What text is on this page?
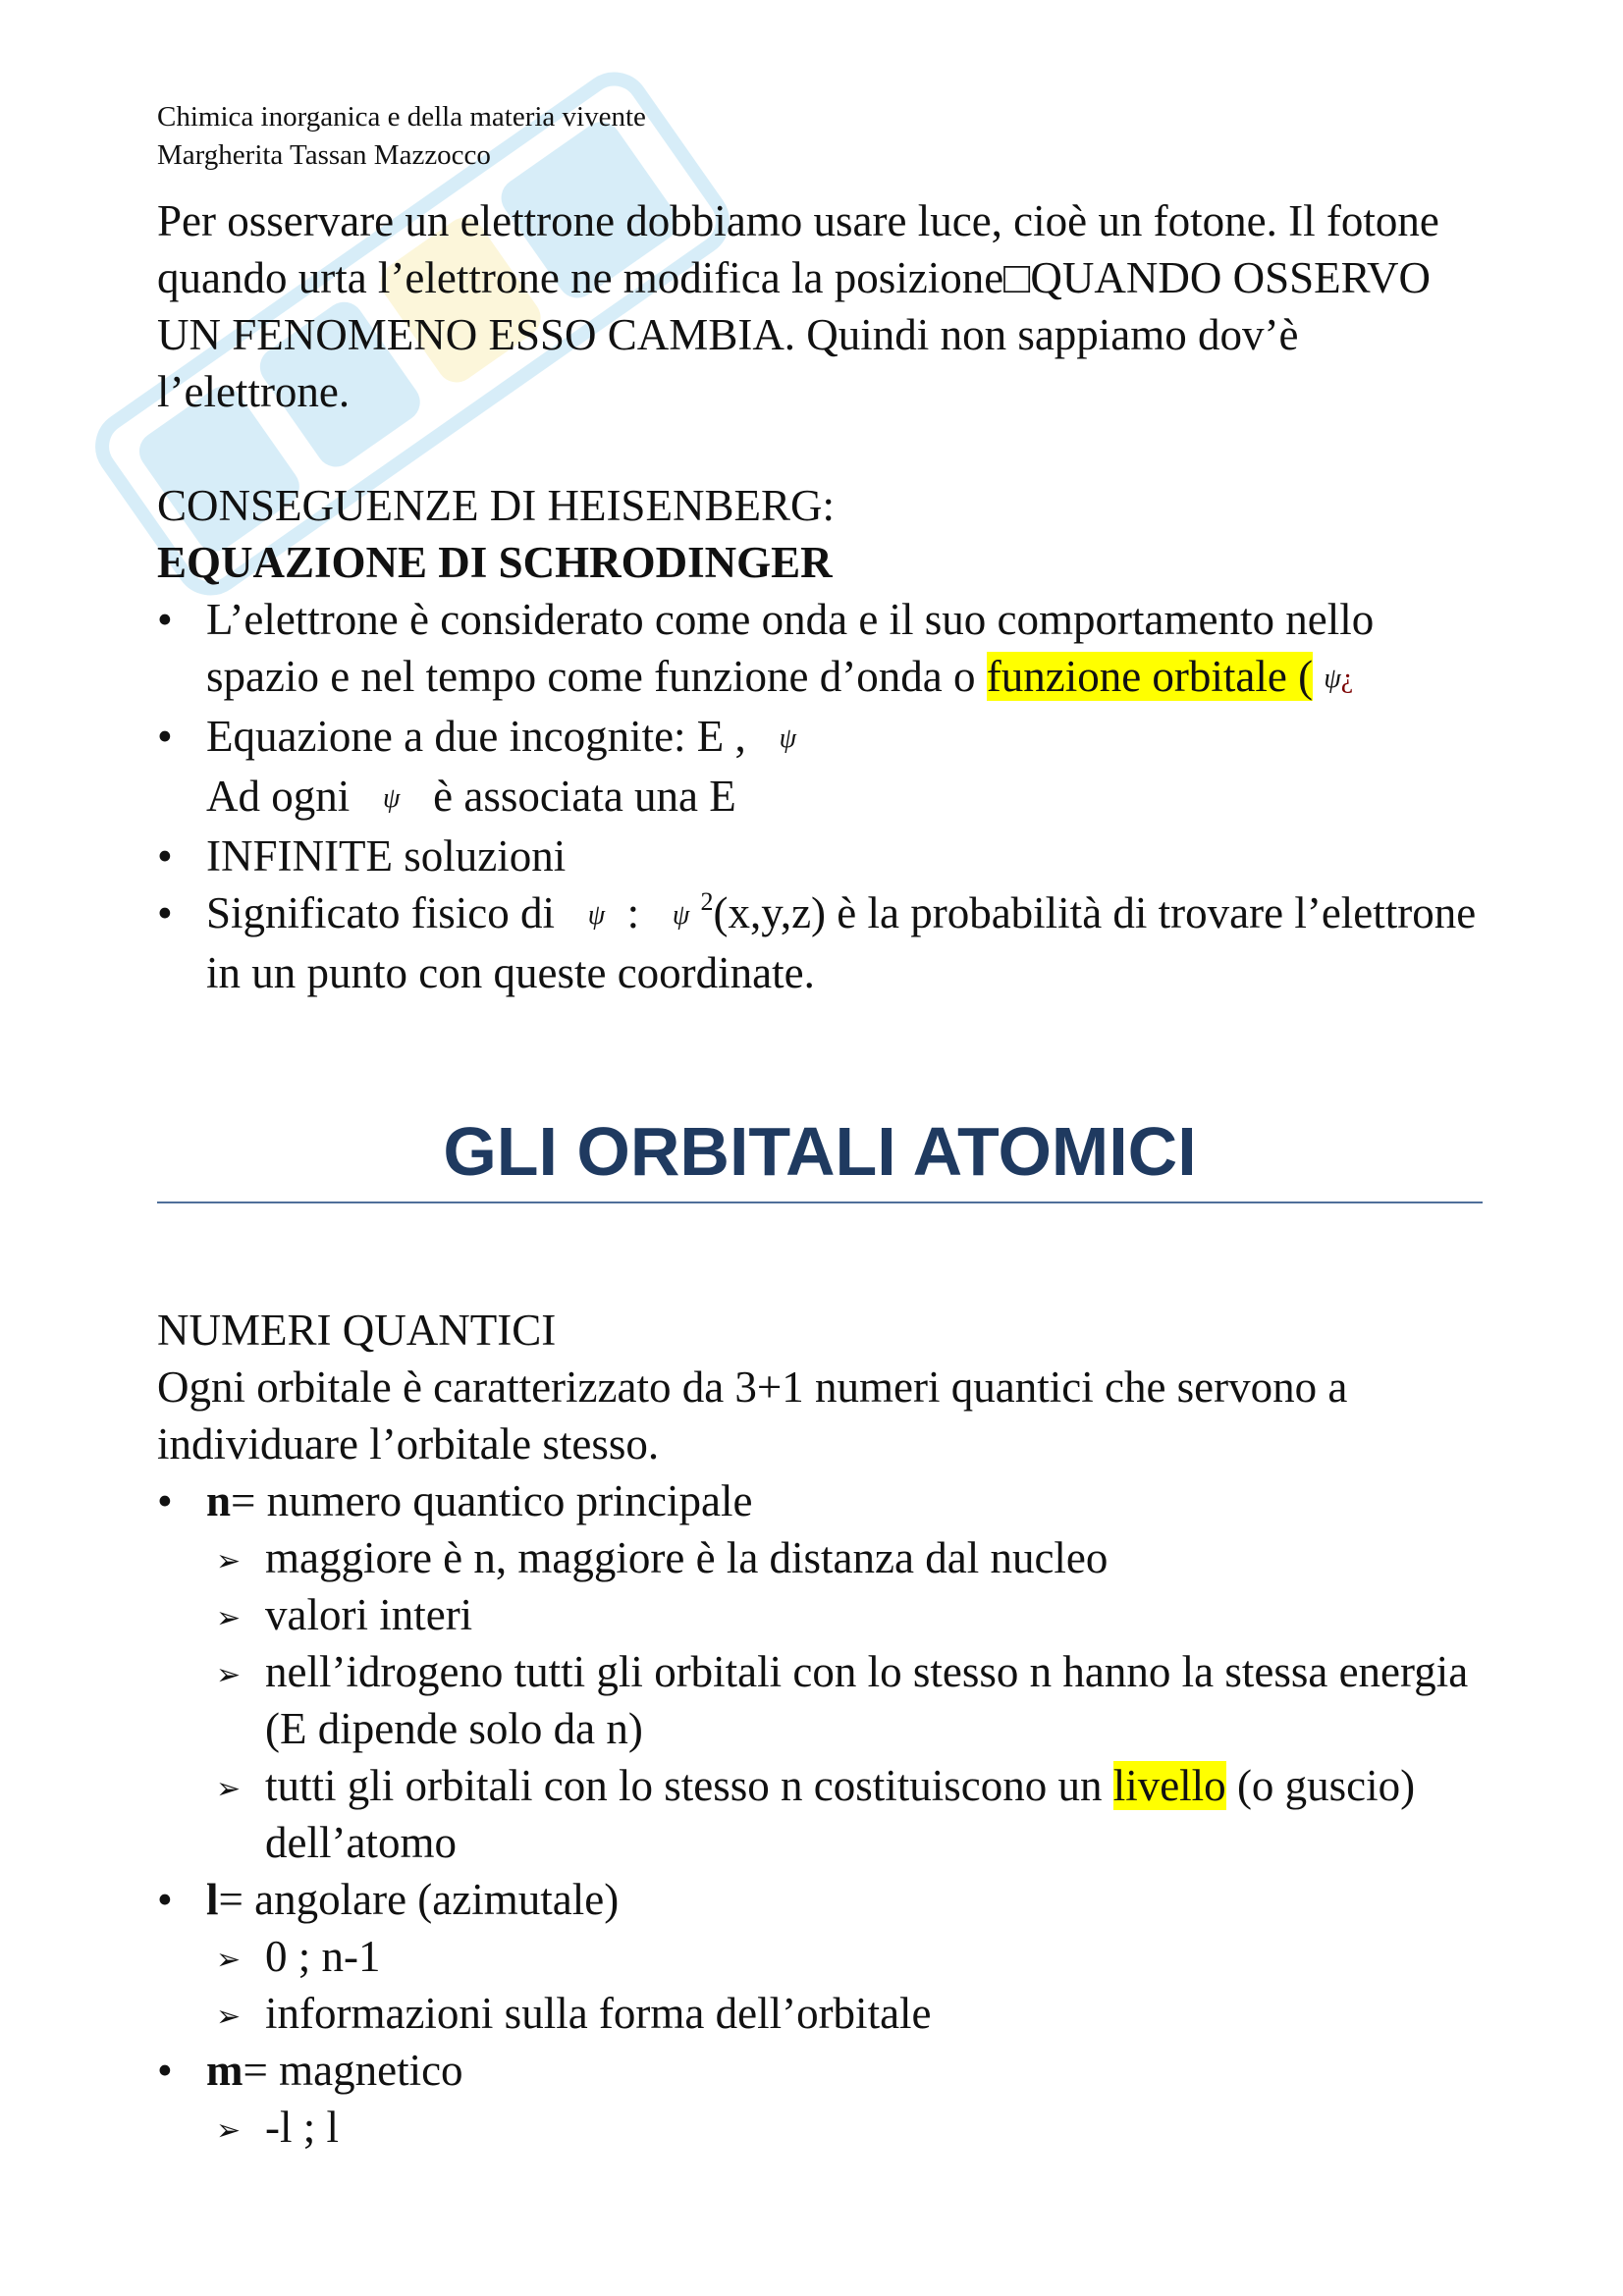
Chimica inorganica e della materia vivente
Margherita Tassan Mazzocco

Per osservare un elettrone dobbiamo usare luce, cioè un fotone. Il fotone quando urta l’elettrone ne modifica la posizione□QUANDO OSSERVO UN FENOMENO ESSO CAMBIA. Quindi non sappiamo dov’è l’elettrone.

CONSEGUENZE DI HEISENBERG:

EQUAZIONE DI SCHRODINGER

• L’elettrone è considerato come onda e il suo comportamento nello spazio e nel tempo come funzione d’onda o funzione orbitale ( ψ¿
• Equazione a due incognite: E , ψ
Ad ogni ψ è associata una E
• INFINITE soluzioni
• Significato fisico di ψ : ψ $^2$(x,y,z) è la probabilità di trovare l’elettrone in un punto con queste coordinate.
GLI ORBITALI ATOMICI

NUMERI QUANTICI

Ogni orbitale è caratterizzato da 3+1 numeri quantici che servono a individuare l’orbitale stesso.

• n= numero quantico principale
➢ maggiore è n, maggiore è la distanza dal nucleo
➢ valori interi
➢ nell’idrogeno tutti gli orbitali con lo stesso n hanno la stessa energia (E dipende solo da n)
➢ tutti gli orbitali con lo stesso n costituiscono un livello (o guscio) dell’atomo
• l= angolare (azimutale)
➢ 0 ; n-1
➢ informazioni sulla forma dell’orbitale
• m= magnetico
➢ -l ; l
